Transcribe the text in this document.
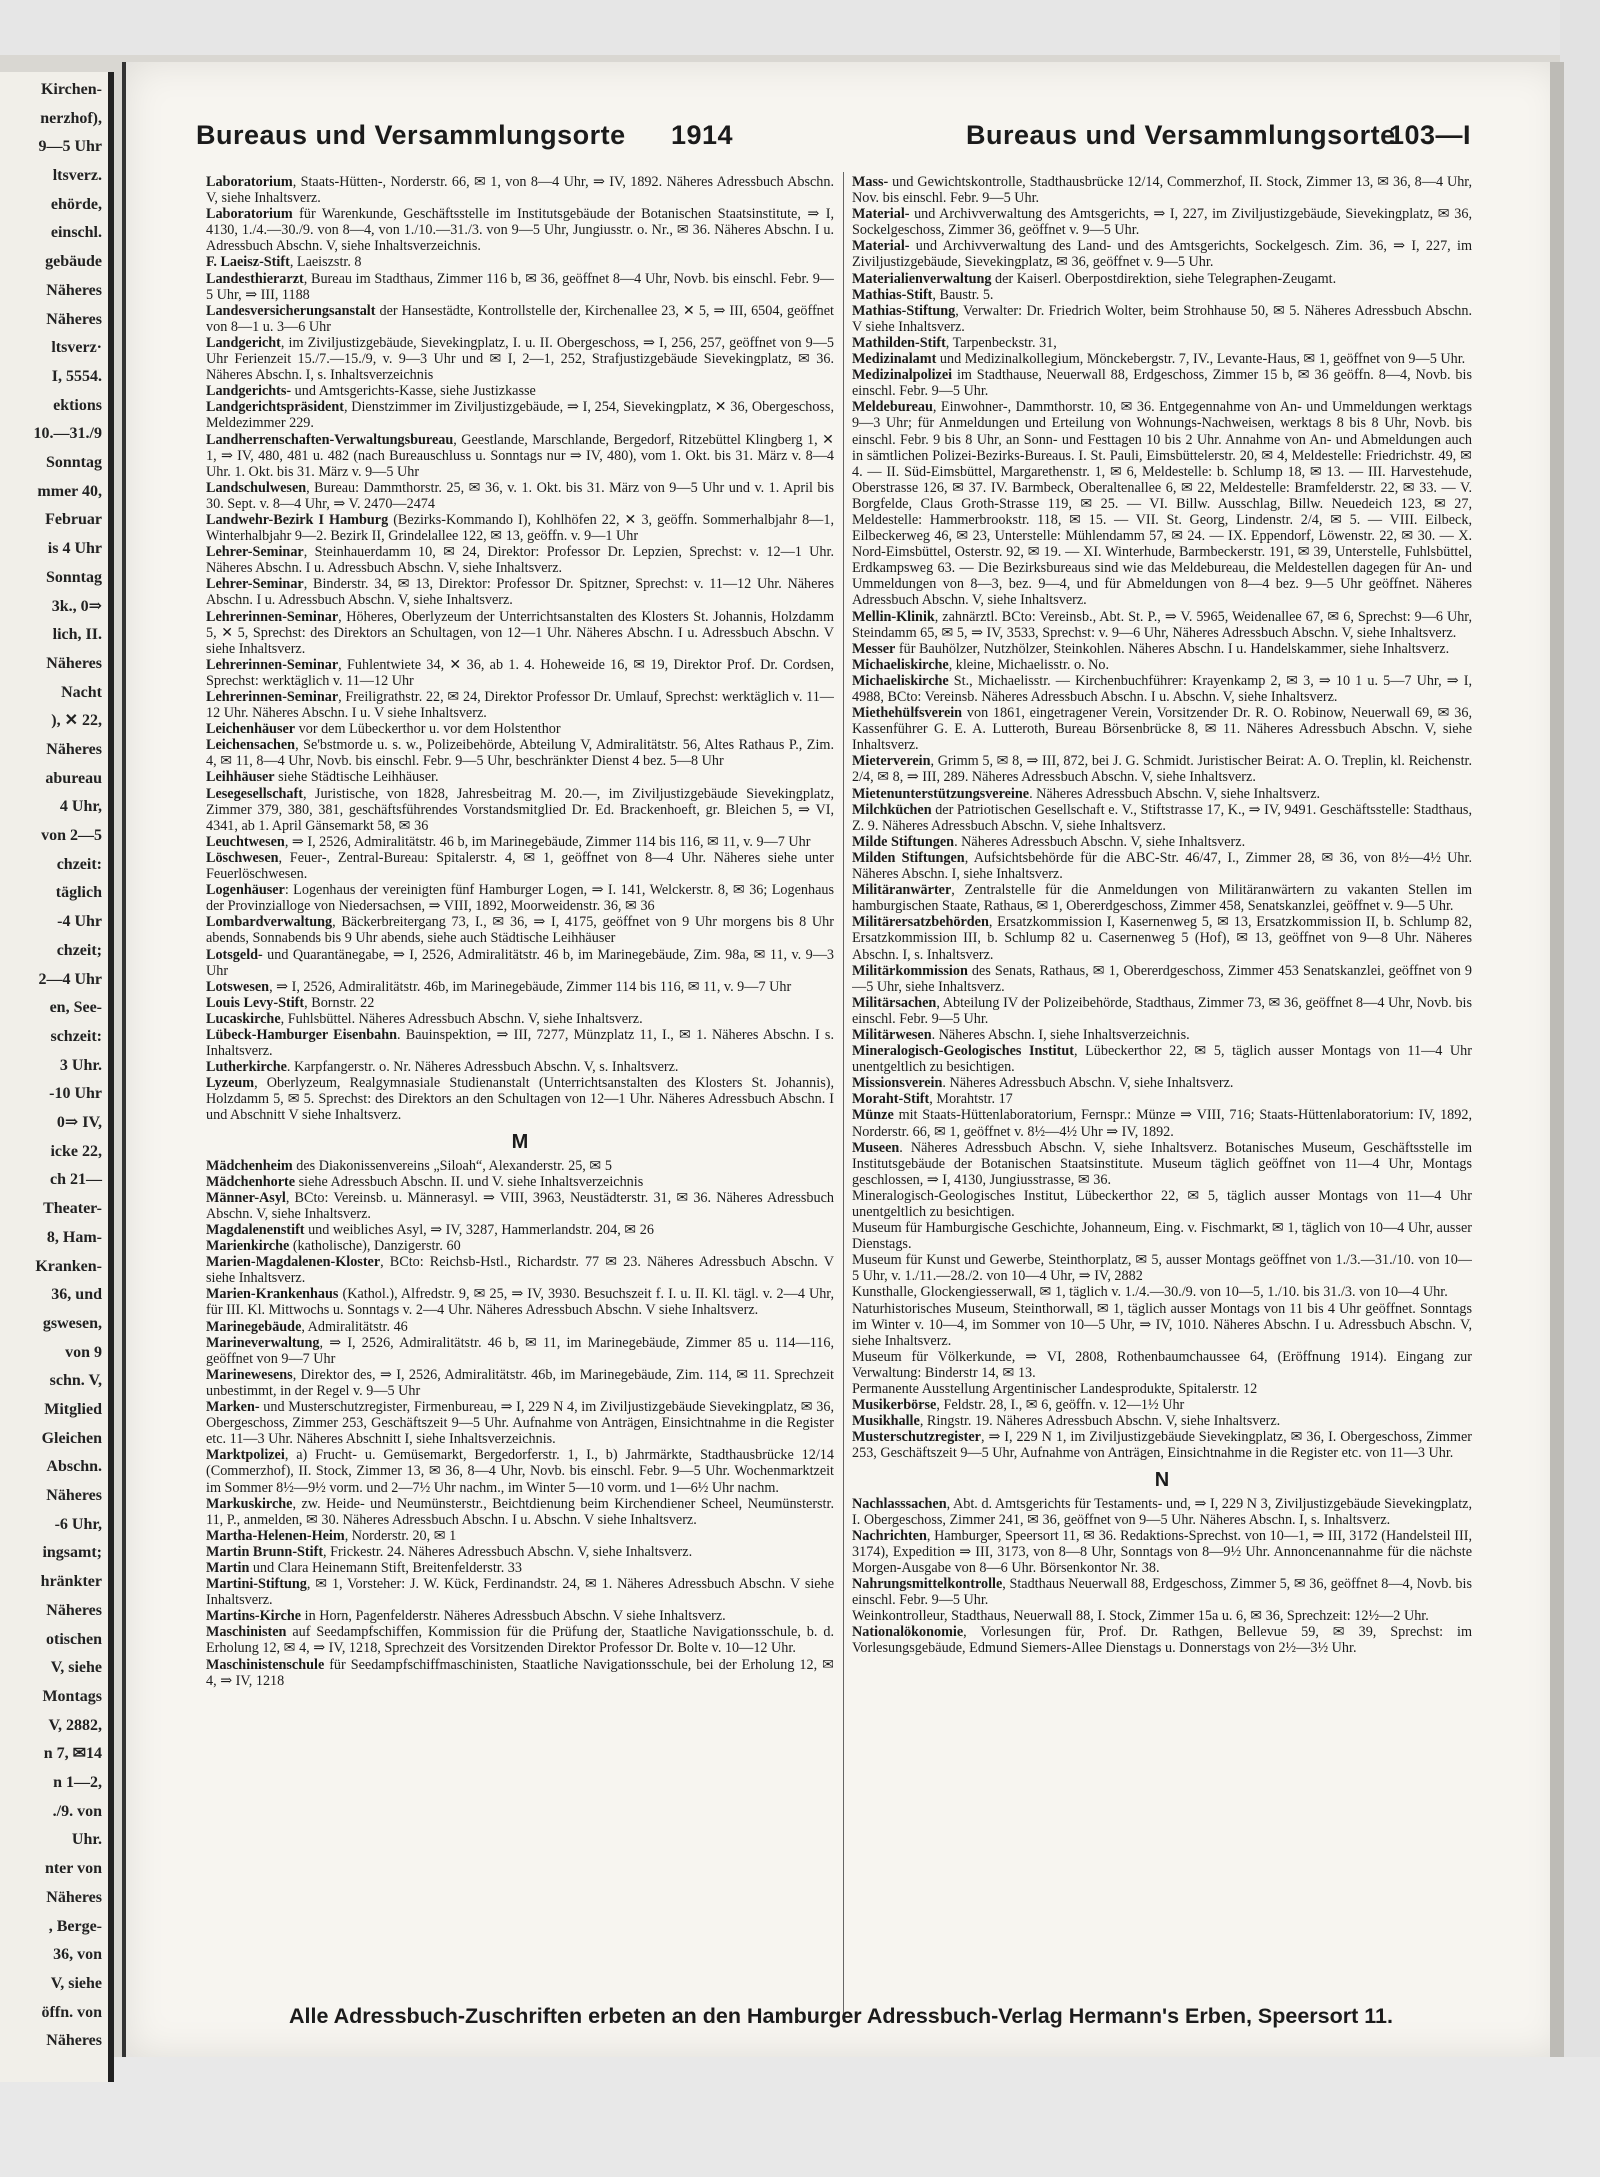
Kirchen-
nerzhof),
9—5 Uhr
ltsverz.
ehörde,
einschl.
gebäude
Näheres
Näheres
ltsverz·
I, 5554.
ektions
10.—31./9
Sonntag
mmer 40,
Februar
is 4 Uhr
Sonntag
3k., 0⇒
lich, II.
Näheres
Nacht
), ✕ 22,
Näheres
abureau
4 Uhr,
von 2—5
chzeit:
täglich
-4 Uhr
chzeit;
2—4 Uhr
en, See-
schzeit:
3 Uhr.
-10 Uhr
0⇒ IV,
icke 22,
ch 21—
Theater-
8, Ham-
Kranken-
36, und
gswesen,
von 9
schn. V,
Mitglied
Gleichen
Abschn.
Näheres
-6 Uhr,
ingsamt;
hränkter
Näheres
otischen
V, siehe
Montags
V, 2882,
n 7, ✉14
n 1—2,
./9. von
Uhr.
nter von
Näheres
, Berge-
36, von
V, siehe
öffn. von
Näheres
Bureaus und Versammlungsorte 1914	Bureaus und Versammlungsorte
103—I

Laboratorium, Staats-Hütten-, Norderstr. 66, ✉ 1, von 8—4 Uhr, ⇒ IV, 1892. Näheres Adressbuch Abschn. V, siehe Inhaltsverz.

Laboratorium für Warenkunde, Geschäftsstelle im Institutsgebäude der Botanischen Staatsinstitute, ⇒ I, 4130, 1./4.—30./9. von 8—4, von 1./10.—31./3. von 9—5 Uhr, Jungiusstr. o. Nr., ✉ 36. Näheres Abschn. I u. Adressbuch Abschn. V, siehe Inhaltsverzeichnis.

F. Laeisz-Stift, Laeiszstr. 8

Landesthierarzt, Bureau im Stadthaus, Zimmer 116 b, ✉ 36, geöffnet 8—4 Uhr, Novb. bis einschl. Febr. 9—5 Uhr, ⇒ III, 1188

Landesversicherungsanstalt der Hansestädte, Kontrollstelle der, Kirchenallee 23, ✕ 5, ⇒ III, 6504, geöffnet von 8—1 u. 3—6 Uhr

Landgericht, im Ziviljustizgebäude, Sievekingplatz, I. u. II. Obergeschoss, ⇒ I, 256, 257, geöffnet von 9—5 Uhr Ferienzeit 15./7.—15./9, v. 9—3 Uhr und ✉ I, 2—1, 252, Strafjustizgebäude Sievekingplatz, ✉ 36. Näheres Abschn. I, s. Inhaltsverzeichnis

Landgerichts- und Amtsgerichts-Kasse, siehe Justizkasse

Landgerichtspräsident, Dienstzimmer im Ziviljustizgebäude, ⇒ I, 254, Sievekingplatz, ✕ 36, Obergeschoss, Meldezimmer 229.

Landherrenschaften-Verwaltungsbureau, Geestlande, Marschlande, Bergedorf, Ritzebüttel Klingberg 1, ✕ 1, ⇒ IV, 480, 481 u. 482 (nach Bureauschluss u. Sonntags nur ⇒ IV, 480), vom 1. Okt. bis 31. März v. 8—4 Uhr. 1. Okt. bis 31. März v. 9—5 Uhr

Landschulwesen, Bureau: Dammthorstr. 25, ✉ 36, v. 1. Okt. bis 31. März von 9—5 Uhr und v. 1. April bis 30. Sept. v. 8—4 Uhr, ⇒ V. 2470—2474

Landwehr-Bezirk I Hamburg (Bezirks-Kommando I), Kohlhöfen 22, ✕ 3, geöffn. Sommerhalbjahr 8—1, Winterhalbjahr 9—2. Bezirk II, Grindelallee 122, ✉ 13, geöffn. v. 9—1 Uhr

Lehrer-Seminar, Steinhauerdamm 10, ✉ 24, Direktor: Professor Dr. Lepzien, Sprechst: v. 12—1 Uhr. Näheres Abschn. I u. Adressbuch Abschn. V, siehe Inhaltsverz.

Lehrer-Seminar, Binderstr. 34, ✉ 13, Direktor: Professor Dr. Spitzner, Sprechst: v. 11—12 Uhr. Näheres Abschn. I u. Adressbuch Abschn. V, siehe Inhaltsverz.

Lehrerinnen-Seminar, Höheres, Oberlyzeum der Unterrichtsanstalten des Klosters St. Johannis, Holzdamm 5, ✕ 5, Sprechst: des Direktors an Schultagen, von 12—1 Uhr. Näheres Abschn. I u. Adressbuch Abschn. V siehe Inhaltsverz.

Lehrerinnen-Seminar, Fuhlentwiete 34, ✕ 36, ab 1. 4. Hoheweide 16, ✉ 19, Direktor Prof. Dr. Cordsen, Sprechst: werktäglich v. 11—12 Uhr

Lehrerinnen-Seminar, Freiligrathstr. 22, ✉ 24, Direktor Professor Dr. Umlauf, Sprechst: werktäglich v. 11—12 Uhr. Näheres Abschn. I u. V siehe Inhaltsverz.

Leichenhäuser vor dem Lübeckerthor u. vor dem Holstenthor

Leichensachen, Se'bstmorde u. s. w., Polizeibehörde, Abteilung V, Admiralitätstr. 56, Altes Rathaus P., Zim. 4, ✉ 11, 8—4 Uhr, Novb. bis einschl. Febr. 9—5 Uhr, beschränkter Dienst 4 bez. 5—8 Uhr

Leihhäuser siehe Städtische Leihhäuser.

Lesegesellschaft, Juristische, von 1828, Jahresbeitrag M. 20.—, im Ziviljustizgebäude Sievekingplatz, Zimmer 379, 380, 381, geschäftsführendes Vorstandsmitglied Dr. Ed. Brackenhoeft, gr. Bleichen 5, ⇒ VI, 4341, ab 1. April Gänsemarkt 58, ✉ 36

Leuchtwesen, ⇒ I, 2526, Admiralitätstr. 46 b, im Marinegebäude, Zimmer 114 bis 116, ✉ 11, v. 9—7 Uhr

Löschwesen, Feuer-, Zentral-Bureau: Spitalerstr. 4, ✉ 1, geöffnet von 8—4 Uhr. Näheres siehe unter Feuerlöschwesen.

Logenhäuser: Logenhaus der vereinigten fünf Hamburger Logen, ⇒ I. 141, Welckerstr. 8, ✉ 36; Logenhaus der Provinzialloge von Niedersachsen, ⇒ VIII, 1892, Moorweidenstr. 36, ✉ 36

Lombardverwaltung, Bäckerbreitergang 73, I., ✉ 36, ⇒ I, 4175, geöffnet von 9 Uhr morgens bis 8 Uhr abends, Sonnabends bis 9 Uhr abends, siehe auch Städtische Leihhäuser

Lotsgeld- und Quarantänegabe, ⇒ I, 2526, Admiralitätstr. 46 b, im Marinegebäude, Zim. 98a, ✉ 11, v. 9—3 Uhr

Lotswesen, ⇒ I, 2526, Admiralitätstr. 46b, im Marinegebäude, Zimmer 114 bis 116, ✉ 11, v. 9—7 Uhr

Louis Levy-Stift, Bornstr. 22

Lucaskirche, Fuhlsbüttel. Näheres Adressbuch Abschn. V, siehe Inhaltsverz.

Lübeck-Hamburger Eisenbahn. Bauinspektion, ⇒ III, 7277, Münzplatz 11, I., ✉ 1. Näheres Abschn. I s. Inhaltsverz.

Lutherkirche. Karpfangerstr. o. Nr. Näheres Adressbuch Abschn. V, s. Inhaltsverz.

Lyzeum, Oberlyzeum, Realgymnasiale Studienanstalt (Unterrichtsanstalten des Klosters St. Johannis), Holzdamm 5, ✉ 5. Sprechst: des Direktors an den Schultagen von 12—1 Uhr. Näheres Adressbuch Abschn. I und Abschnitt V siehe Inhaltsverz.

M

Mädchenheim des Diakonissenvereins „Siloah“, Alexanderstr. 25, ✉ 5

Mädchenhorte siehe Adressbuch Abschn. II. und V. siehe Inhaltsverzeichnis

Männer-Asyl, BCto: Vereinsb. u. Männerasyl. ⇒ VIII, 3963, Neustädterstr. 31, ✉ 36. Näheres Adressbuch Abschn. V, siehe Inhaltsverz.

Magdalenenstift und weibliches Asyl, ⇒ IV, 3287, Hammerlandstr. 204, ✉ 26

Marienkirche (katholische), Danzigerstr. 60

Marien-Magdalenen-Kloster, BCto: Reichsb-Hstl., Richardstr. 77 ✉ 23. Näheres Adressbuch Abschn. V siehe Inhaltsverz.

Marien-Krankenhaus (Kathol.), Alfredstr. 9, ✉ 25, ⇒ IV, 3930. Besuchszeit f. I. u. II. Kl. tägl. v. 2—4 Uhr, für III. Kl. Mittwochs u. Sonntags v. 2—4 Uhr. Näheres Adressbuch Abschn. V siehe Inhaltsverz.

Marinegebäude, Admiralitätstr. 46

Marineverwaltung, ⇒ I, 2526, Admiralitätstr. 46 b, ✉ 11, im Marinegebäude, Zimmer 85 u. 114—116, geöffnet von 9—7 Uhr

Marinewesens, Direktor des, ⇒ I, 2526, Admiralitätstr. 46b, im Marinegebäude, Zim. 114, ✉ 11. Sprechzeit unbestimmt, in der Regel v. 9—5 Uhr

Marken- und Musterschutzregister, Firmenbureau, ⇒ I, 229 N 4, im Ziviljustizgebäude Sievekingplatz, ✉ 36, Obergeschoss, Zimmer 253, Geschäftszeit 9—5 Uhr. Aufnahme von Anträgen, Einsichtnahme in die Register etc. 11—3 Uhr. Näheres Abschnitt I, siehe Inhaltsverzeichnis.

Marktpolizei, a) Frucht- u. Gemüsemarkt, Bergedorferstr. 1, I., b) Jahrmärkte, Stadthausbrücke 12/14 (Commerzhof), II. Stock, Zimmer 13, ✉ 36, 8—4 Uhr, Novb. bis einschl. Febr. 9—5 Uhr. Wochenmarktzeit im Sommer 8½—9½ vorm. und 2—7½ Uhr nachm., im Winter 5—10 vorm. und 1—6½ Uhr nachm.

Markuskirche, zw. Heide- und Neumünsterstr., Beichtdienung beim Kirchendiener Scheel, Neumünsterstr. 11, P., anmelden, ✉ 30. Näheres Adressbuch Abschn. I u. Abschn. V siehe Inhaltsverz.

Martha-Helenen-Heim, Norderstr. 20, ✉ 1

Martin Brunn-Stift, Frickestr. 24. Näheres Adressbuch Abschn. V, siehe Inhaltsverz.

Martin und Clara Heinemann Stift, Breitenfelderstr. 33

Martini-Stiftung, ✉ 1, Vorsteher: J. W. Kück, Ferdinandstr. 24, ✉ 1. Näheres Adressbuch Abschn. V siehe Inhaltsverz.

Martins-Kirche in Horn, Pagenfelderstr. Näheres Adressbuch Abschn. V siehe Inhaltsverz.

Maschinisten auf Seedampfschiffen, Kommission für die Prüfung der, Staatliche Navigationsschule, b. d. Erholung 12, ✉ 4, ⇒ IV, 1218, Sprechzeit des Vorsitzenden Direktor Professor Dr. Bolte v. 10—12 Uhr.

Maschinistenschule für Seedampfschiffmaschinisten, Staatliche Navigationsschule, bei der Erholung 12, ✉ 4, ⇒ IV, 1218

Mass- und Gewichtskontrolle, Stadthausbrücke 12/14, Commerzhof, II. Stock, Zimmer 13, ✉ 36, 8—4 Uhr, Nov. bis einschl. Febr. 9—5 Uhr.

Material- und Archivverwaltung des Amtsgerichts, ⇒ I, 227, im Ziviljustizgebäude, Sievekingplatz, ✉ 36, Sockelgeschoss, Zimmer 36, geöffnet v. 9—5 Uhr.

Material- und Archivverwaltung des Land- und des Amtsgerichts, Sockelgesch. Zim. 36, ⇒ I, 227, im Ziviljustizgebäude, Sievekingplatz, ✉ 36, geöffnet v. 9—5 Uhr.

Materialienverwaltung der Kaiserl. Oberpostdirektion, siehe Telegraphen-Zeugamt.

Mathias-Stift, Baustr. 5.

Mathias-Stiftung, Verwalter: Dr. Friedrich Wolter, beim Strohhause 50, ✉ 5. Näheres Adressbuch Abschn. V siehe Inhaltsverz.

Mathilden-Stift, Tarpenbeckstr. 31,

Medizinalamt und Medizinalkollegium, Mönckebergstr. 7, IV., Levante-Haus, ✉ 1, geöffnet von 9—5 Uhr.

Medizinalpolizei im Stadthause, Neuerwall 88, Erdgeschoss, Zimmer 15 b, ✉ 36 geöffn. 8—4, Novb. bis einschl. Febr. 9—5 Uhr.

Meldebureau, Einwohner-, Dammthorstr. 10, ✉ 36. Entgegennahme von An- und Ummeldungen werktags 9—3 Uhr; für Anmeldungen und Erteilung von Wohnungs-Nachweisen, werktags 8 bis 8 Uhr, Novb. bis einschl. Febr. 9 bis 8 Uhr, an Sonn- und Festtagen 10 bis 2 Uhr. Annahme von An- und Abmeldungen auch in sämtlichen Polizei-Bezirks-Bureaus. I. St. Pauli, Eimsbüttelerstr. 20, ✉ 4, Meldestelle: Friedrichstr. 49, ✉ 4. — II. Süd-Eimsbüttel, Margarethenstr. 1, ✉ 6, Meldestelle: b. Schlump 18, ✉ 13. — III. Harvestehude, Oberstrasse 126, ✉ 37. IV. Barmbeck, Oberaltenallee 6, ✉ 22, Meldestelle: Bramfelderstr. 22, ✉ 33. — V. Borgfelde, Claus Groth-Strasse 119, ✉ 25. — VI. Billw. Ausschlag, Billw. Neuedeich 123, ✉ 27, Meldestelle: Hammerbrookstr. 118, ✉ 15. — VII. St. Georg, Lindenstr. 2/4, ✉ 5. — VIII. Eilbeck, Eilbeckerweg 46, ✉ 23, Unterstelle: Mühlendamm 57, ✉ 24. — IX. Eppendorf, Löwenstr. 22, ✉ 30. — X. Nord-Eimsbüttel, Osterstr. 92, ✉ 19. — XI. Winterhude, Barmbeckerstr. 191, ✉ 39, Unterstelle, Fuhlsbüttel, Erdkampsweg 63. — Die Bezirksbureaus sind wie das Meldebureau, die Meldestellen dagegen für An- und Ummeldungen von 8—3, bez. 9—4, und für Abmeldungen von 8—4 bez. 9—5 Uhr geöffnet. Näheres Adressbuch Abschn. V, siehe Inhaltsverz.

Mellin-Klinik, zahnärztl. BCto: Vereinsb., Abt. St. P., ⇒ V. 5965, Weidenallee 67, ✉ 6, Sprechst: 9—6 Uhr, Steindamm 65, ✉ 5, ⇒ IV, 3533, Sprechst: v. 9—6 Uhr, Näheres Adressbuch Abschn. V, siehe Inhaltsverz.

Messer für Bauhölzer, Nutzhölzer, Steinkohlen. Näheres Abschn. I u. Handelskammer, siehe Inhaltsverz.

Michaeliskirche, kleine, Michaelisstr. o. No.

Michaeliskirche St., Michaelisstr. — Kirchenbuchführer: Krayenkamp 2, ✉ 3, ⇒ 10 1 u. 5—7 Uhr, ⇒ I, 4988, BCto: Vereinsb. Näheres Adressbuch Abschn. I u. Abschn. V, siehe Inhaltsverz.

Miethehülfsverein von 1861, eingetragener Verein, Vorsitzender Dr. R. O. Robinow, Neuerwall 69, ✉ 36, Kassenführer G. E. A. Lutteroth, Bureau Börsenbrücke 8, ✉ 11. Näheres Adressbuch Abschn. V, siehe Inhaltsverz.

Mieterverein, Grimm 5, ✉ 8, ⇒ III, 872, bei J. G. Schmidt. Juristischer Beirat: A. O. Treplin, kl. Reichenstr. 2/4, ✉ 8, ⇒ III, 289. Näheres Adressbuch Abschn. V, siehe Inhaltsverz.

Mietenunterstützungsvereine. Näheres Adressbuch Abschn. V, siehe Inhaltsverz.

Milchküchen der Patriotischen Gesellschaft e. V., Stiftstrasse 17, K., ⇒ IV, 9491. Geschäftsstelle: Stadthaus, Z. 9. Näheres Adressbuch Abschn. V, siehe Inhaltsverz.

Milde Stiftungen. Näheres Adressbuch Abschn. V, siehe Inhaltsverz.

Milden Stiftungen, Aufsichtsbehörde für die ABC-Str. 46/47, I., Zimmer 28, ✉ 36, von 8½—4½ Uhr. Näheres Abschn. I, siehe Inhaltsverz.

Militäranwärter, Zentralstelle für die Anmeldungen von Militäranwärtern zu vakanten Stellen im hamburgischen Staate, Rathaus, ✉ 1, Obererdgeschoss, Zimmer 458, Senatskanzlei, geöffnet v. 9—5 Uhr.

Militärersatzbehörden, Ersatzkommission I, Kasernenweg 5, ✉ 13, Ersatzkommission II, b. Schlump 82, Ersatzkommission III, b. Schlump 82 u. Casernenweg 5 (Hof), ✉ 13, geöffnet von 9—8 Uhr. Näheres Abschn. I, s. Inhaltsverz.

Militärkommission des Senats, Rathaus, ✉ 1, Obererdgeschoss, Zimmer 453 Senatskanzlei, geöffnet von 9—5 Uhr, siehe Inhaltsverz.

Militärsachen, Abteilung IV der Polizeibehörde, Stadthaus, Zimmer 73, ✉ 36, geöffnet 8—4 Uhr, Novb. bis einschl. Febr. 9—5 Uhr.

Militärwesen. Näheres Abschn. I, siehe Inhaltsverzeichnis.

Mineralogisch-Geologisches Institut, Lübeckerthor 22, ✉ 5, täglich ausser Montags von 11—4 Uhr unentgeltlich zu besichtigen.

Missionsverein. Näheres Adressbuch Abschn. V, siehe Inhaltsverz.

Moraht-Stift, Morahtstr. 17

Münze mit Staats-Hüttenlaboratorium, Fernspr.: Münze ⇒ VIII, 716; Staats-Hüttenlaboratorium: IV, 1892, Norderstr. 66, ✉ 1, geöffnet v. 8½—4½ Uhr ⇒ IV, 1892.

Museen. Näheres Adressbuch Abschn. V, siehe Inhaltsverz. Botanisches Museum, Geschäftsstelle im Institutsgebäude der Botanischen Staatsinstitute. Museum täglich geöffnet von 11—4 Uhr, Montags geschlossen, ⇒ I, 4130, Jungiusstrasse, ✉ 36.

Mineralogisch-Geologisches Institut, Lübeckerthor 22, ✉ 5, täglich ausser Montags von 11—4 Uhr unentgeltlich zu besichtigen.

Museum für Hamburgische Geschichte, Johanneum, Eing. v. Fischmarkt, ✉ 1, täglich von 10—4 Uhr, ausser Dienstags.

Museum für Kunst und Gewerbe, Steinthorplatz, ✉ 5, ausser Montags geöffnet von 1./3.—31./10. von 10—5 Uhr, v. 1./11.—28./2. von 10—4 Uhr, ⇒ IV, 2882

Kunsthalle, Glockengiesserwall, ✉ 1, täglich v. 1./4.—30./9. von 10—5, 1./10. bis 31./3. von 10—4 Uhr.

Naturhistorisches Museum, Steinthorwall, ✉ 1, täglich ausser Montags von 11 bis 4 Uhr geöffnet. Sonntags im Winter v. 10—4, im Sommer von 10—5 Uhr, ⇒ IV, 1010. Näheres Abschn. I u. Adressbuch Abschn. V, siehe Inhaltsverz.

Museum für Völkerkunde, ⇒ VI, 2808, Rothenbaumchaussee 64, (Eröffnung 1914). Eingang zur Verwaltung: Binderstr 14, ✉ 13.

Permanente Ausstellung Argentinischer Landesprodukte, Spitalerstr. 12

Musikerbörse, Feldstr. 28, I., ✉ 6, geöffn. v. 12—1½ Uhr

Musikhalle, Ringstr. 19. Näheres Adressbuch Abschn. V, siehe Inhaltsverz.

Musterschutzregister, ⇒ I, 229 N 1, im Ziviljustizgebäude Sievekingplatz, ✉ 36, I. Obergeschoss, Zimmer 253, Geschäftszeit 9—5 Uhr, Aufnahme von Anträgen, Einsichtnahme in die Register etc. von 11—3 Uhr.

N

Nachlasssachen, Abt. d. Amtsgerichts für Testaments- und, ⇒ I, 229 N 3, Ziviljustizgebäude Sievekingplatz, I. Obergeschoss, Zimmer 241, ✉ 36, geöffnet von 9—5 Uhr. Näheres Abschn. I, s. Inhaltsverz.

Nachrichten, Hamburger, Speersort 11, ✉ 36. Redaktions-Sprechst. von 10—1, ⇒ III, 3172 (Handelsteil III, 3174), Expedition ⇒ III, 3173, von 8—8 Uhr, Sonntags von 8—9½ Uhr. Annoncenannahme für die nächste Morgen-Ausgabe von 8—6 Uhr. Börsenkontor Nr. 38.

Nahrungsmittelkontrolle, Stadthaus Neuerwall 88, Erdgeschoss, Zimmer 5, ✉ 36, geöffnet 8—4, Novb. bis einschl. Febr. 9—5 Uhr.

Weinkontrolleur, Stadthaus, Neuerwall 88, I. Stock, Zimmer 15a u. 6, ✉ 36, Sprechzeit: 12½—2 Uhr.

Nationalökonomie, Vorlesungen für, Prof. Dr. Rathgen, Bellevue 59, ✉ 39, Sprechst: im Vorlesungsgebäude, Edmund Siemers-Allee Dienstags u. Donnerstags von 2½—3½ Uhr.

Alle Adressbuch-Zuschriften erbeten an den Hamburger Adressbuch-Verlag Hermann's Erben, Speersort 11.
